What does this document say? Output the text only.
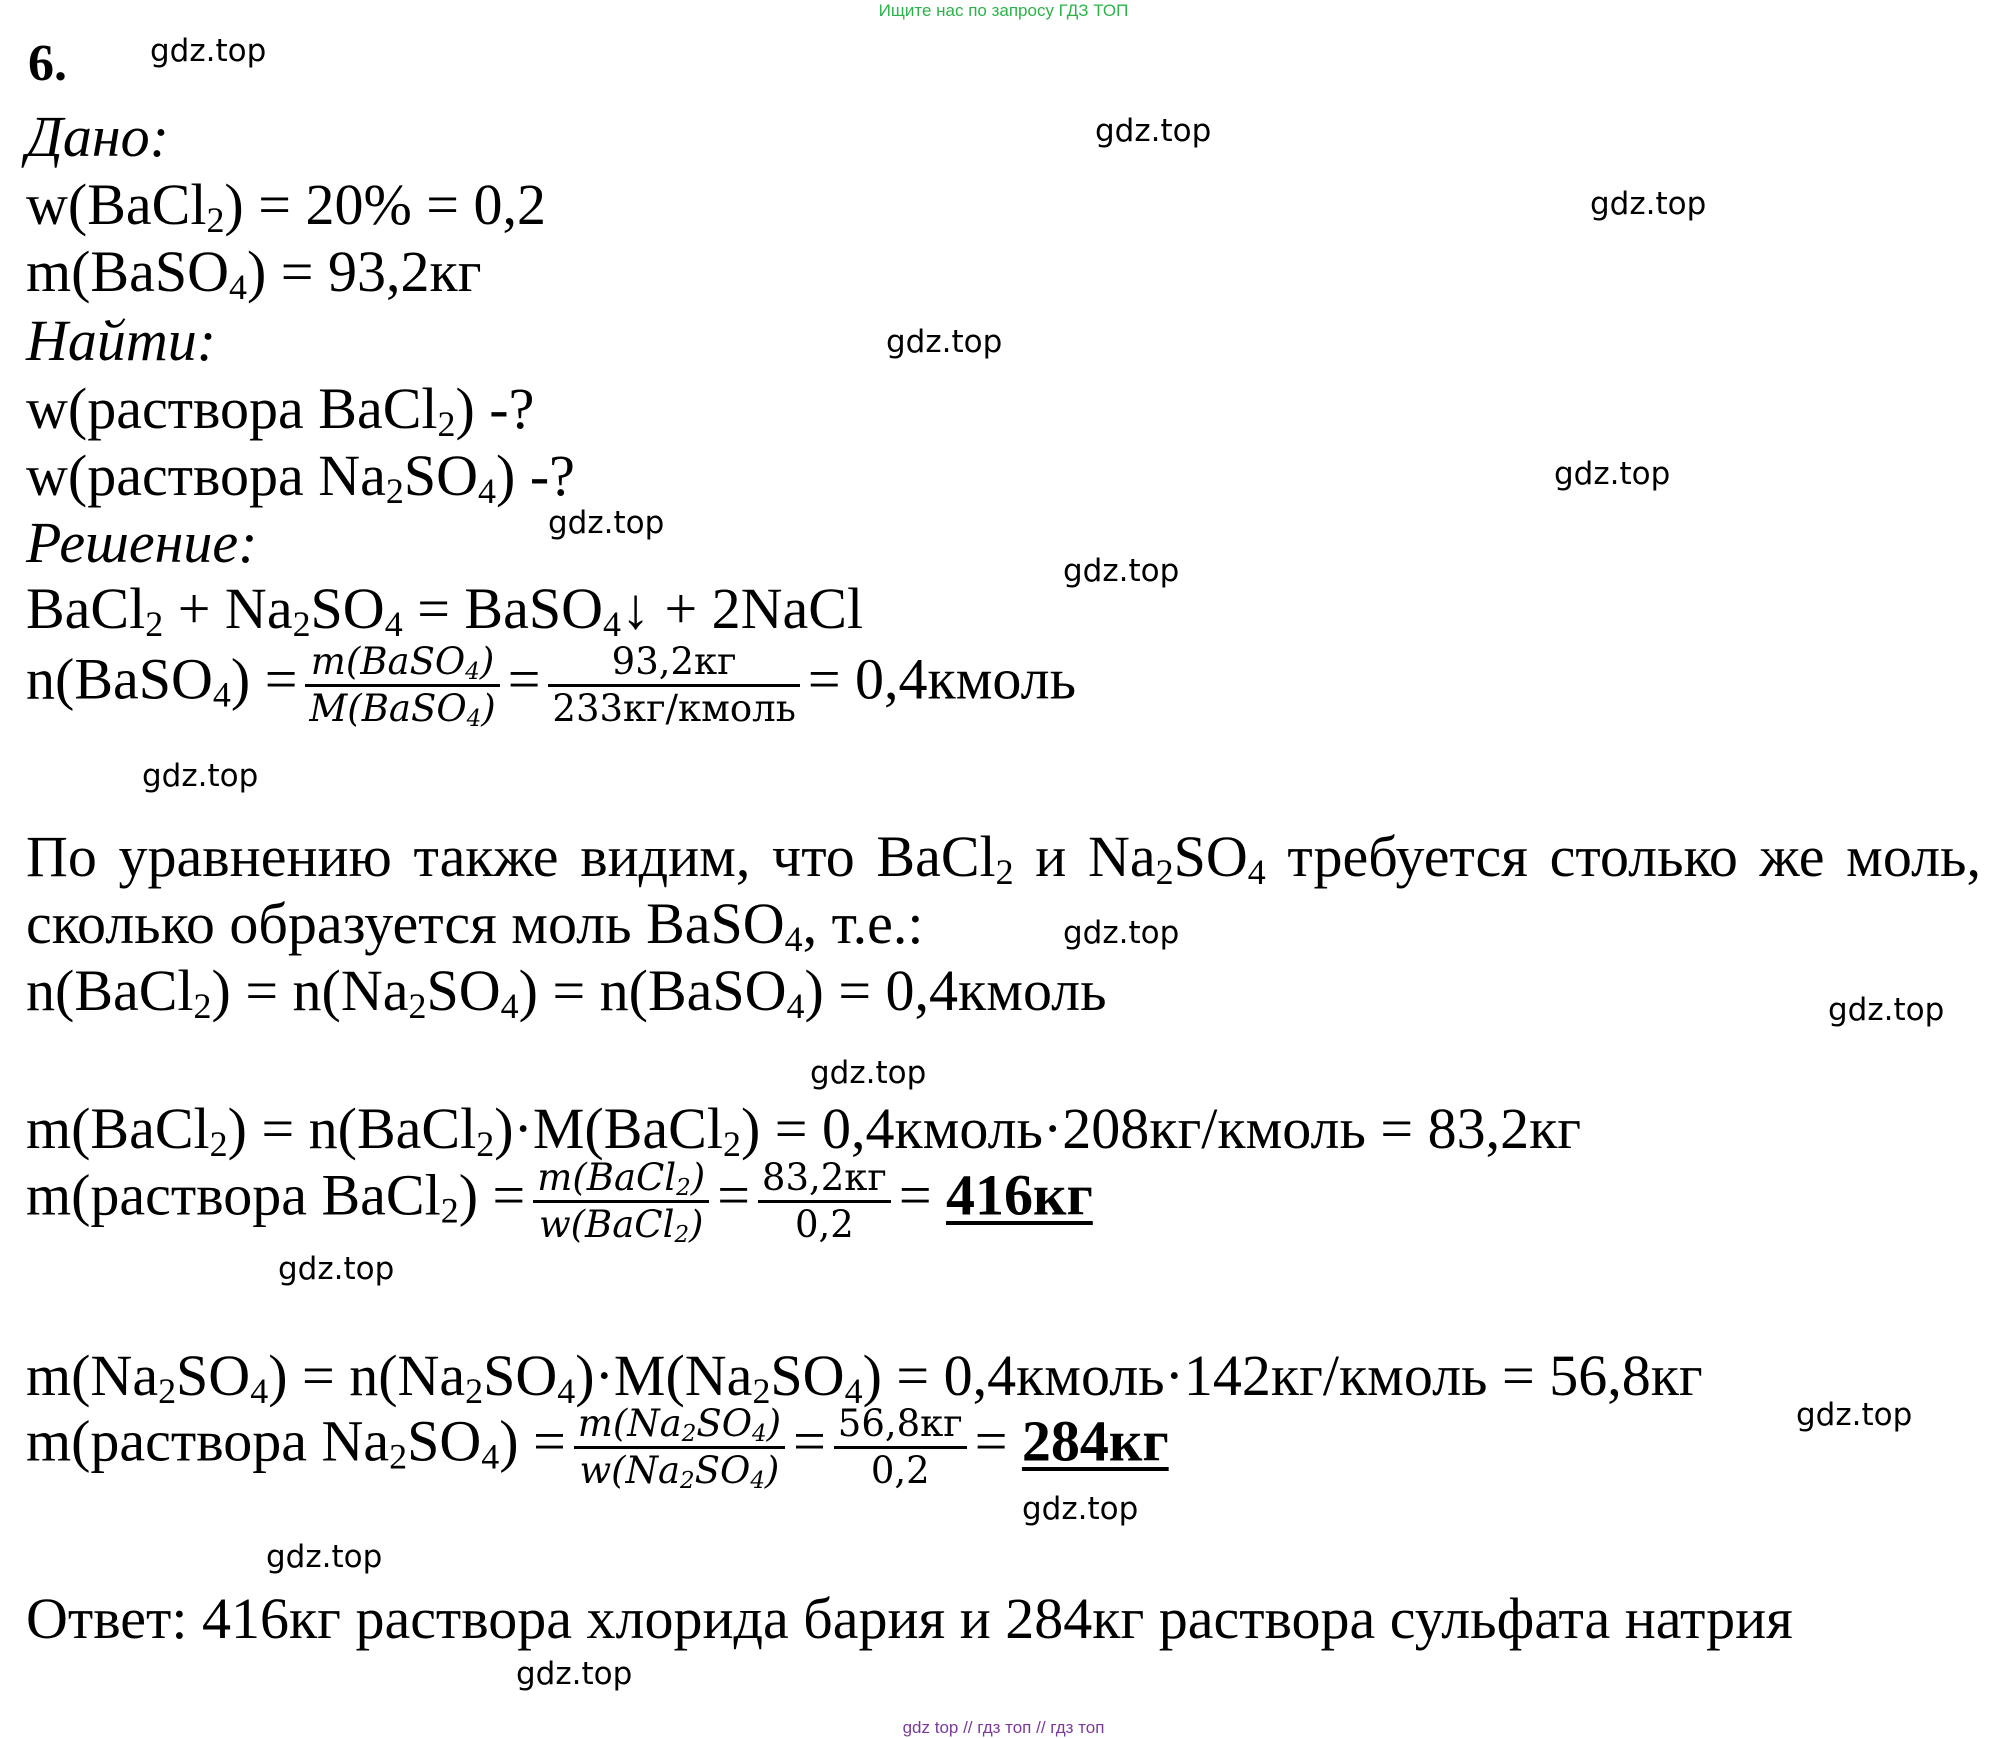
Ищите нас по запросу ГДЗ ТОП
6.
Дано:
w(BaCl$_2$) = 20% = 0,2
m(BaSO$_4$) = 93,2кг
Найти:
w(раствора BaCl$_2$) -?
w(раствора $Na_2SO_4$) -?
Решение:
BaCl$_2$ + $Na_2SO_4$ = BaSO$_4$↓ + 2NaCl
n(BaSO$_4$) = $\frac{m(BaSO_4)}{M(BaSO_4)} = \frac{93,2кг}{\text{233кг/кмоль}}$ = 0,4кмоль
По уравнению также видим, что BaCl$_2$ и $Na_2SO_4$ требуется столько же моль,
сколько образуется моль BaSO$_4$, т.е.:
n(BaCl$_2$) = $n(Na_2SO_4)$ = n(BaSO$_4$) = 0,4кмоль
m(BaCl$_2$) = n(BaCl$_2$)·M(BaCl$_2$) = 0,4кмоль·208кг/кмоль = 83,2кг
m(раствора BaCl$_2$) = $\frac{m(BaCl_2)}{w(BaCl_2)} = \frac{83,2кг}{0,2} = 416кг$
$m(Na_2SO_4) = n(Na_2SO_4)\cdot M(Na_2SO_4)$ = 0,4кмоль·142кг/кмоль = 56,8кг
m(раствора $Na_2SO_4) = \frac{m(Na_2SO_4)}{w(Na_2SO_4)} = \frac{56,8кг}{0,2} = 284кг$
Ответ: 416кг раствора хлорида бария и 284кг раствора сульфата натрия
gdz.top
gdz.top
gdz.top
gdz.top
gdz.top
gdz.top
gdz.top
gdz.top
gdz.top
gdz.top
gdz.top
gdz.top
gdz.top
gdz.top
gdz.top
gdz.top
gdz top // гдз топ // гдз топ
